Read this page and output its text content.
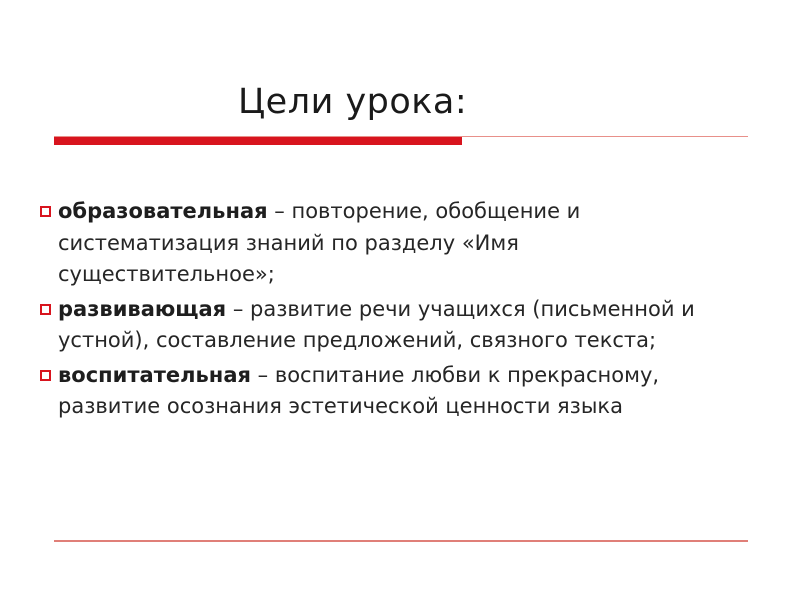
Цели урока:
образовательная – повторение, обобщение и систематизация знаний по разделу «Имя существительное»;
развивающая – развитие речи учащихся (письменной и устной), составление предложений, связного текста;
воспитательная – воспитание любви к прекрасному, развитие осознания эстетической ценности языка
